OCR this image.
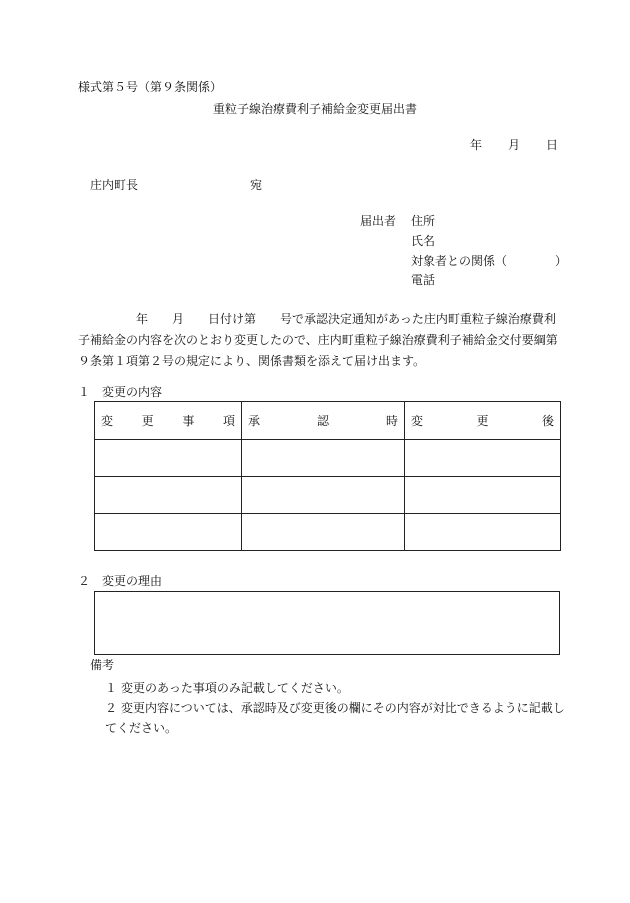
様式第５号（第９条関係）
重粒子線治療費利子補給金変更届出書
年 月 日
庄内町長	宛
届出者 住所
氏名
対象者との関係（　　　　）
電話

年　　月　　日付け第　　号で承認決定通知があった庄内町重粒子線治療費利

子補給金の内容を次のとおり変更したので、庄内町重粒子線治療費利子補給金交付要綱第

９条第１項第２号の規定により、関係書類を添えて届け出ます。

１　変更の内容
変 更 事 項	承 認 時	変 更 後

２　変更の理由
備考
１ 変更のあった事項のみ記載してください。
２ 変更内容については、承認時及び変更後の欄にその内容が対比できるように記載し
てください。
